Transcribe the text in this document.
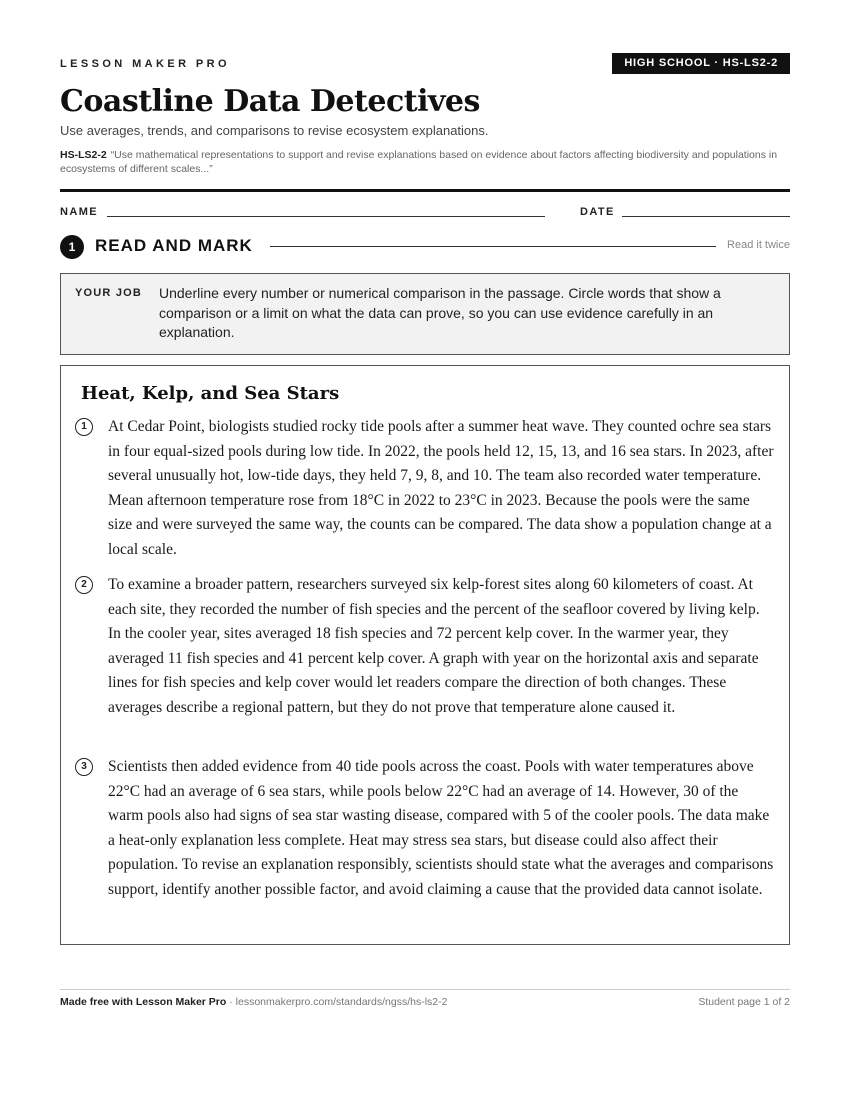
LESSON MAKER PRO	HIGH SCHOOL · HS-LS2-2
Coastline Data Detectives
Use averages, trends, and comparisons to revise ecosystem explanations.
HS-LS2-2 “Use mathematical representations to support and revise explanations based on evidence about factors affecting biodiversity and populations in ecosystems of different scales...”
NAME	DATE
1	READ AND MARK	Read it twice
YOUR JOB Underline every number or numerical comparison in the passage. Circle words that show a comparison or a limit on what the data can prove, so you can use evidence carefully in an explanation.
Heat, Kelp, and Sea Stars
1	At Cedar Point, biologists studied rocky tide pools after a summer heat wave. They counted ochre sea stars in four equal-sized pools during low tide. In 2022, the pools held 12, 15, 13, and 16 sea stars. In 2023, after several unusually hot, low-tide days, they held 7, 9, 8, and 10. The team also recorded water temperature. Mean afternoon temperature rose from 18°C in 2022 to 23°C in 2023. Because the pools were the same size and were surveyed the same way, the counts can be compared. The data show a population change at a local scale.
2	To examine a broader pattern, researchers surveyed six kelp-forest sites along 60 kilometers of coast. At each site, they recorded the number of fish species and the percent of the seafloor covered by living kelp. In the cooler year, sites averaged 18 fish species and 72 percent kelp cover. In the warmer year, they averaged 11 fish species and 41 percent kelp cover. A graph with year on the horizontal axis and separate lines for fish species and kelp cover would let readers compare the direction of both changes. These averages describe a regional pattern, but they do not prove that temperature alone caused it.
3	Scientists then added evidence from 40 tide pools across the coast. Pools with water temperatures above 22°C had an average of 6 sea stars, while pools below 22°C had an average of 14. However, 30 of the warm pools also had signs of sea star wasting disease, compared with 5 of the cooler pools. The data make a heat-only explanation less complete. Heat may stress sea stars, but disease could also affect their population. To revise an explanation responsibly, scientists should state what the averages and comparisons support, identify another possible factor, and avoid claiming a cause that the provided data cannot isolate.
Made free with Lesson Maker Pro · lessonmakerpro.com/standards/ngss/hs-ls2-2	Student page 1 of 2
